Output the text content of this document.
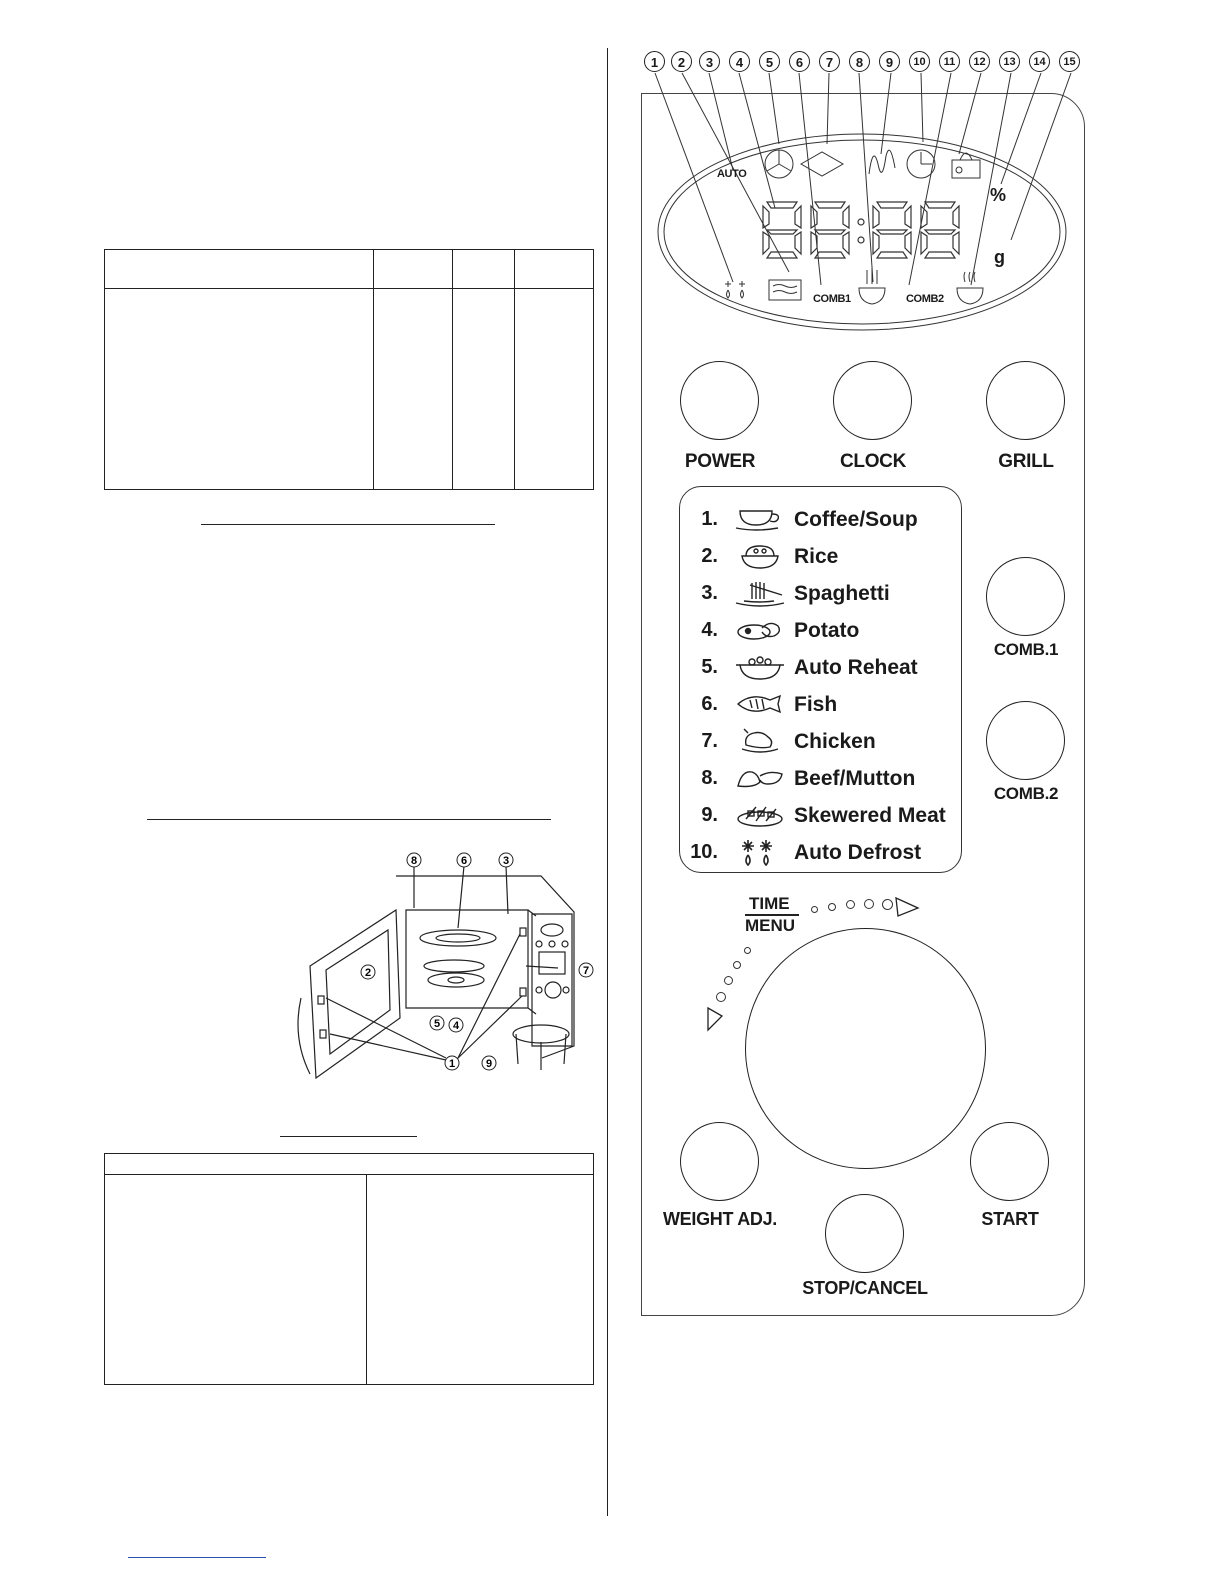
8	6	3
2	7
5 4
1	9
1	2	3	4	5	6	7	8	9	10	11	12	13	14	15
AUTO
%
g
COMB1	COMB2
POWER	CLOCK	GRILL
1.	Coffee/Soup
2.	Rice
3.	Spaghetti
4.	Potato
5.	Auto Reheat
6.	Fish
7.	Chicken
8.	Beef/Mutton
9.	Skewered Meat
10.	Auto Defrost
COMB.1
COMB.2
TIME
MENU
WEIGHT ADJ.	START
STOP/CANCEL
